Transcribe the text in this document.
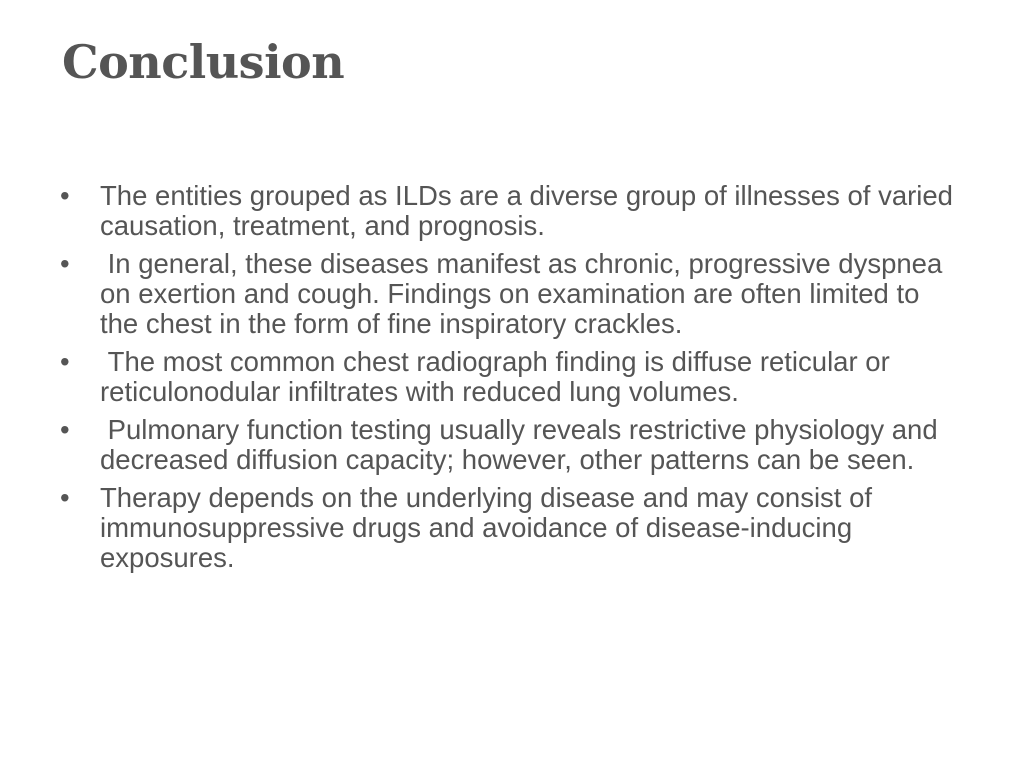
Conclusion
•	The entities grouped as ILDs are a diverse group of illnesses of varied causation, treatment, and prognosis.
•	In general, these diseases manifest as chronic, progressive dyspnea on exertion and cough. Findings on examination are often limited to the chest in the form of fine inspiratory crackles.
•	The most common chest radiograph finding is diffuse reticular or reticulonodular infiltrates with reduced lung volumes.
•	Pulmonary function testing usually reveals restrictive physiology and decreased diffusion capacity; however, other patterns can be seen.
•	Therapy depends on the underlying disease and may consist of immunosuppressive drugs and avoidance of disease-inducing exposures.
